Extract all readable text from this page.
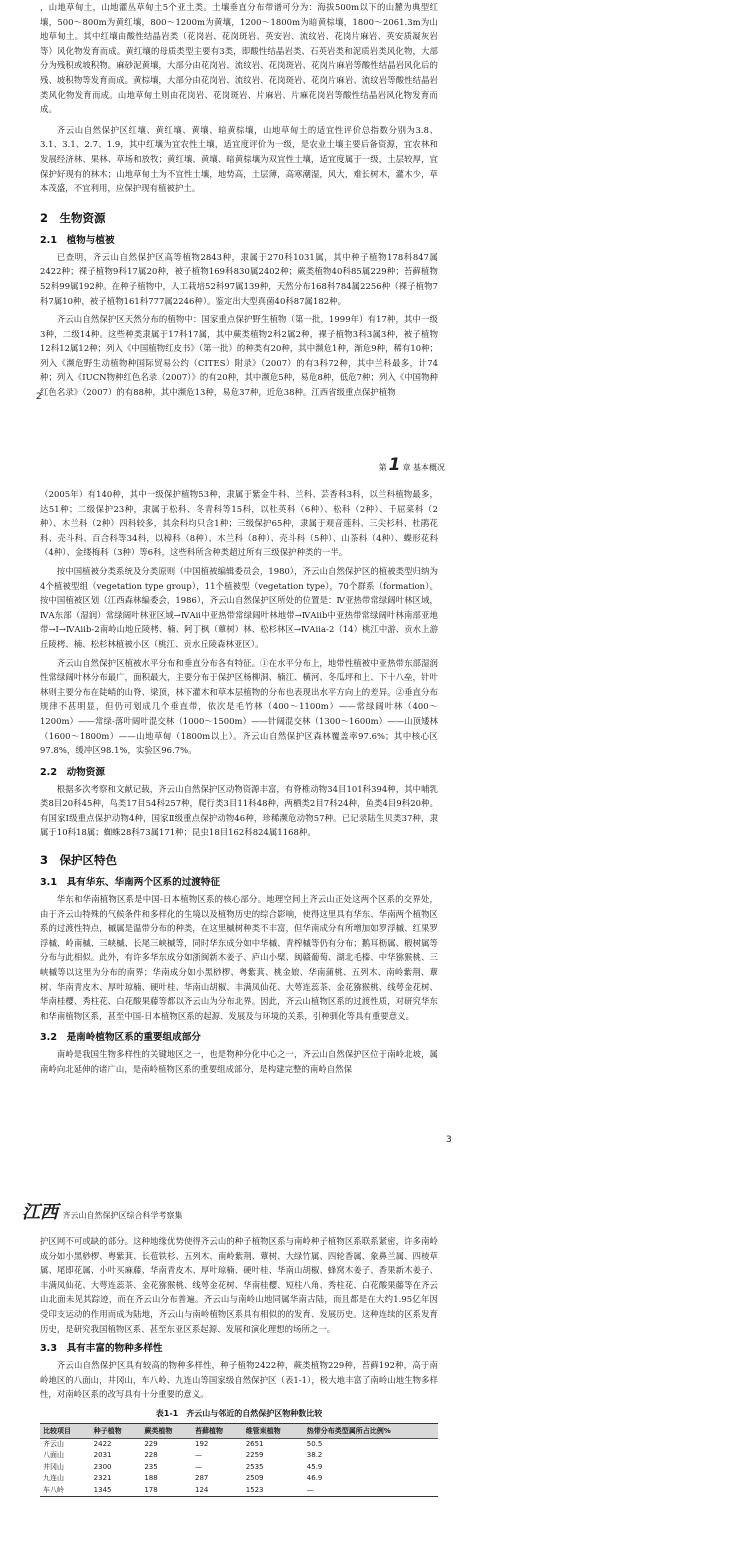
，山地草甸土，山地灌丛草甸土5个亚土类。土壤垂直分布带谱可分为：海拔500m以下的山麓为典型红壤，500～800m为黄红壤，800～1200m为黄壤，1200～1800m为暗黄棕壤，1800～2061.3m为山地草甸土。其中红壤由酸性结晶岩类（花岗岩、花岗斑岩、英安岩、流纹岩、花岗片麻岩、英安质凝灰岩等）风化物发育而成。黄红壤的母质类型主要有3类，即酸性结晶岩类、石英岩类和泥质岩类风化物，大部分为残积或坡积物。麻砂泥黄壤，大部分由花岗岩、流纹岩、花岗斑岩、花岗片麻岩等酸性结晶岩风化后的残、坡积物等发育而成。黄棕壤，大部分由花岗岩、流纹岩、花岗斑岩、花岗片麻岩、流纹岩等酸性结晶岩类风化物发育而成。山地草甸土则由花岗岩、花岗斑岩、片麻岩、片麻花岗岩等酸性结晶岩风化物发育而成。

齐云山自然保护区红壤、黄红壤、黄壤、暗黄棕壤，山地草甸土的适宜性评价总指数分别为3.8、3.1、3.1、2.7、1.9，其中红壤为宜农性土壤，适宜度评价为一级，是农业土壤主要后备资源，宜农林和发展经济林、果林、草场和放牧；黄红壤、黄壤、暗黄棕壤为双宜性土壤，适宜度属于一级，土层较厚，宜保护好现有的林木；山地草甸土为不宜性土壤，地势高，土层薄，高寒潮湿，风大，难长树木，灌木少，草本茂盛，不宜利用，应保护现有植被护土。

2　生物资源
2.1　植物与植被

已查明，齐云山自然保护区高等植物2843种，隶属于270科1031属，其中种子植物178科847属2422种；裸子植物9科17属20种，被子植物169科830属2402种；蕨类植物40科85属229种；苔藓植物52科99属192种。在种子植物中，人工栽培52科97属139种，天然分布168科784属2256种（裸子植物7科7属10种，被子植物161科777属2246种）。鉴定出大型真菌40科87属182种。

齐云山自然保护区天然分布的植物中：国家重点保护野生植物（第一批，1999年）有17种，其中一级3种，二级14种。这些种类隶属于17科17属，其中蕨类植物2科2属2种，裸子植物3科3属3种，被子植物12科12属12种；列入《中国植物红皮书》（第一批）的种类有20种，其中濒危1种，渐危9种，稀有10种；列入《濒危野生动植物种国际贸易公约（CITES）附录》（2007）的有3科72种，其中兰科最多，计74种；列入《IUCN物种红色名录（2007）》的有20种，其中濒危5种，易危8种，低危7种；列入《中国物种红色名录》（2007）的有88种，其中濒危13种，易危37种，近危38种。江西省级重点保护植物

2
第 1 章 基本概况

（2005年）有140种，其中一级保护植物53种，隶属于紫金牛科、兰科、芸香科3科，以兰科植物最多，达51种；二级保护23种，隶属于松科、冬青科等15科，以杜英科（6种）、松科（2种）、千屈菜科（2种）、木兰科（2种）四科较多，其余科均只含1种；三级保护65种，隶属于观音莲科、三尖杉科、杜鹃花科、壳斗科、百合科等34科，以樟科（8种）、木兰科（8种）、壳斗科（5种）、山茶科（4种）、蝶形花科（4种）、金缕梅科（3种）等6科，这些科所含种类超过所有三级保护种类的一半。

按中国植被分类系统及分类原则（中国植被编辑委员会，1980），齐云山自然保护区的植被类型归纳为4个植被型组（vegetation type group），11个植被型（vegetation type），70个群系（formation）。按中国植被区划（江西森林编委会，1986），齐云山自然保护区所处的位置是：Ⅳ亚热带常绿阔叶林区域，ⅣA东部（湿润）常绿阔叶林亚区域→ⅣAii中亚热带常绿阔叶林地带→ⅣAiib中亚热带常绿阔叶林南部亚地带→Ⅰ→ⅣAiib-2南岭山地丘陵栲、楠、阿丁枫（蕈树）林、松杉林区→ⅣAiia-2（14）桃江中游、贡水上游丘陵栲、楠、松杉林植被小区（桃江、贡水丘陵森林亚区）。

齐云山自然保护区植被水平分布和垂直分布各有特征。①在水平分布上，地带性植被中亚热带东部湿润性常绿阔叶林分布最广，面积最大，主要分布于保护区杨柳洞、楠江、横河、冬瓜坪和上、下十八垒，针叶林则主要分布在陡峭的山脊、梁顶，林下灌木和草本层植物的分布也表现出水平方向上的差异。②垂直分布规律不甚明显，但仍可划成几个垂直带，依次是毛竹林（400～1100m）——常绿阔叶林（400～1200m）——常绿-落叶阔叶混交林（1000～1500m）——针阔混交林（1300～1600m）——山顶矮林（1600～1800m）——山地草甸（1800m以上）。齐云山自然保护区森林覆盖率97.6%；其中核心区97.8%，缓冲区98.1%，实验区96.7%。

2.2　动物资源

根据多次考察和文献记载，齐云山自然保护区动物资源丰富，有脊椎动物34目101科394种，其中哺乳类8目20科45种，鸟类17目54科257种，爬行类3目11科48种，两栖类2目7科24种，鱼类4目9科20种。有国家Ⅰ级重点保护动物4种，国家Ⅱ级重点保护动物46种，珍稀濒危动物57种。已记录陆生贝类37种，隶属于10科18属；蜘蛛28科73属171种；昆虫18目162科824属1168种。

3　保护区特色
3.1　具有华东、华南两个区系的过渡特征

华东和华南植物区系是中国-日本植物区系的核心部分。地理空间上齐云山正处这两个区系的交界处，由于齐云山特殊的气候条件和多样化的生境以及植物历史的综合影响，使得这里具有华东、华南两个植物区系的过渡性特点，槭属是温带分布的种类，在这里槭树种类不丰富，但华南成分有所增加如罗浮槭、红果罗浮槭、岭南槭、三峡槭、长尾三峡槭等，同时华东成分如中华槭、青榨槭等仍有分布；鹅耳枥属、椴树属等分布与此相似。此外，有许多华东成分如浙闽新木姜子、庐山小檗、闽赣葡萄、湖北毛榛、中华猕猴桃、三峡槭等以这里为分布的南界；华南成分如小黑桫椤、粤紫萁、桃金娘、华南蒲桃、五列木、南岭紫荆、蕈树、华南青皮木、厚叶琼楠、硬叶桂、华南山胡椒、丰满凤仙花、大萼连蕊茶、金花猕猴桃、线萼金花树、华南桂樱、秀柱花、白花酸果藤等都以齐云山为分布北界。因此，齐云山植物区系的过渡性质，对研究华东和华南植物区系，甚至中国-日本植物区系的起源、发展及与环境的关系，引种驯化等具有重要意义。

3.2　是南岭植物区系的重要组成部分

南岭是我国生物多样性的关键地区之一，也是物种分化中心之一，齐云山自然保护区位于南岭北坡，属南岭向北延伸的诸广山，是南岭植物区系的重要组成部分，是构建完整的南岭自然保

3
江西 齐云山自然保护区综合科学考察集

护区网不可或缺的部分。这种地缘优势使得齐云山的种子植物区系与南岭种子植物区系联系紧密，许多南岭成分如小黑桫椤、粤紫萁、长苞铁杉、五列木、南岭紫荆、蕈树、大绿竹属、四轮香属、象鼻兰属、四棱草属、尾即花属、小叶买麻藤、华南青皮木、厚叶琼楠、硬叶桂、华南山胡椒、蜂窝木姜子、香果新木姜子、丰满凤仙花、大萼连蕊茶、金花猕猴桃、线萼金花树、华南桂樱、短柱八角、秀柱花、白花酸果藤等在齐云山北面未见其踪迹，而在齐云山分布普遍。齐云山与南岭山地同属华南古陆，而且都是在大约1.95亿年因受印支运动的作用而成为陆地，齐云山与南岭植物区系具有相似的的发育、发展历史。这种连续的区系发育历史，是研究我国植物区系、甚至东亚区系起源、发展和演化理想的场所之一。

3.3　具有丰富的物种多样性

齐云山自然保护区具有较高的物种多样性，种子植物2422种，蕨类植物229种，苔藓192种，高于南岭地区的八面山，井冈山，车八岭、九连山等国家级自然保护区（表1-1），极大地丰富了南岭山地生物多样性，对南岭区系的改写具有十分重要的意义。

表1-1　齐云山与邻近的自然保护区物种数比较
比较项目	种子植物	蕨类植物	苔藓植物	维管束植物	热带分布类型属所占比例%
齐云山	2422	229	192	2651	50.5
八面山	2031	228	—	2259	38.2
井冈山	2300	235	—	2535	45.9
九连山	2321	188	287	2509	46.9
车八岭	1345	178	124	1523	—
